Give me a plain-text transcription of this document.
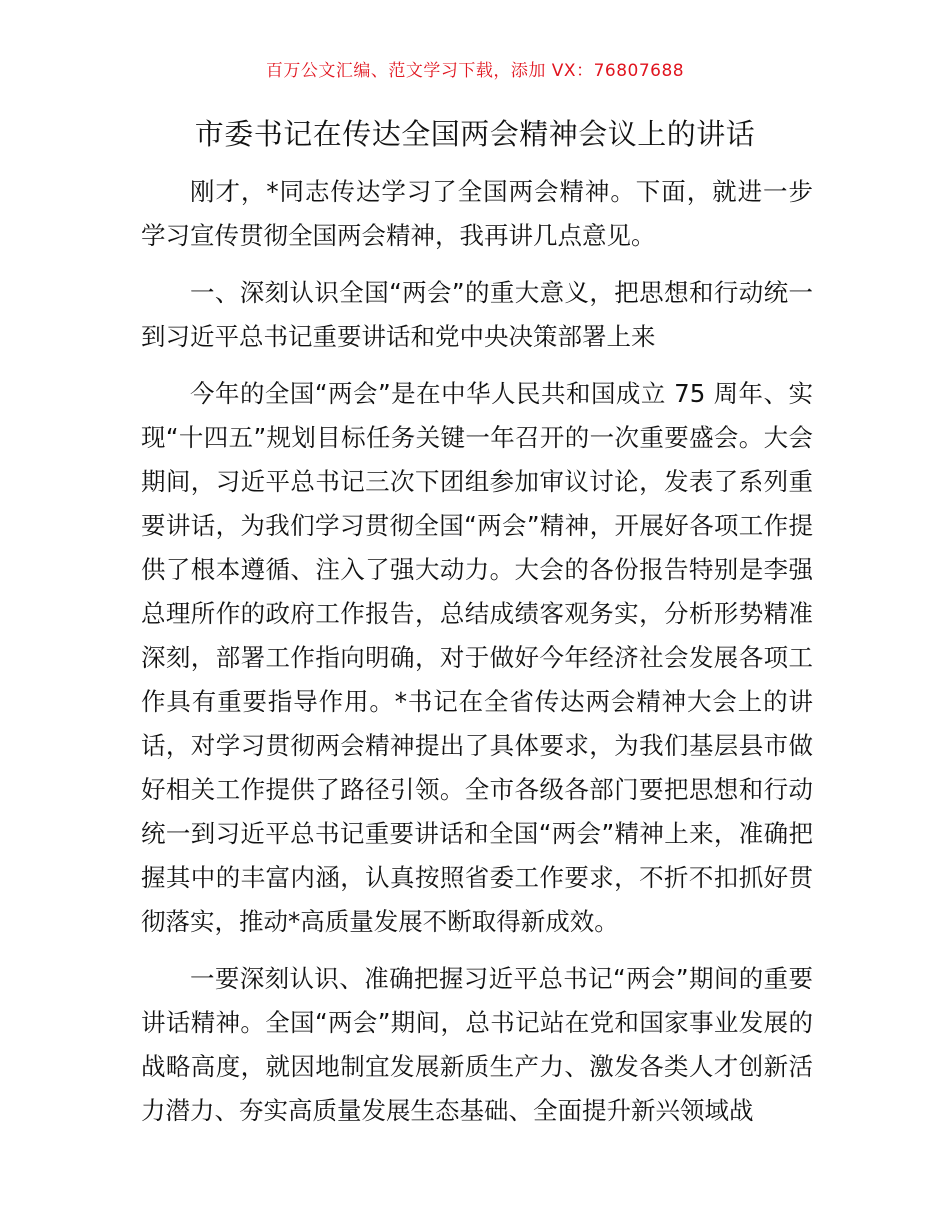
百万公文汇编、范文学习下载，添加 VX：76807688
市委书记在传达全国两会精神会议上的讲话

刚才，*同志传达学习了全国两会精神。下面，就进一步学习宣传贯彻全国两会精神，我再讲几点意见。

一、深刻认识全国“两会”的重大意义，把思想和行动统一到习近平总书记重要讲话和党中央决策部署上来

今年的全国“两会”是在中华人民共和国成立 75 周年、实现“十四五”规划目标任务关键一年召开的一次重要盛会。大会期间，习近平总书记三次下团组参加审议讨论，发表了系列重要讲话，为我们学习贯彻全国“两会”精神，开展好各项工作提供了根本遵循、注入了强大动力。大会的各份报告特别是李强总理所作的政府工作报告，总结成绩客观务实，分析形势精准深刻，部署工作指向明确，对于做好今年经济社会发展各项工作具有重要指导作用。*书记在全省传达两会精神大会上的讲话，对学习贯彻两会精神提出了具体要求，为我们基层县市做好相关工作提供了路径引领。全市各级各部门要把思想和行动统一到习近平总书记重要讲话和全国“两会”精神上来，准确把握其中的丰富内涵，认真按照省委工作要求，不折不扣抓好贯彻落实，推动*高质量发展不断取得新成效。

一要深刻认识、准确把握习近平总书记“两会”期间的重要讲话精神。全国“两会”期间，总书记站在党和国家事业发展的战略高度，就因地制宜发展新质生产力、激发各类人才创新活力潜力、夯实高质量发展生态基础、全面提升新兴领域战
